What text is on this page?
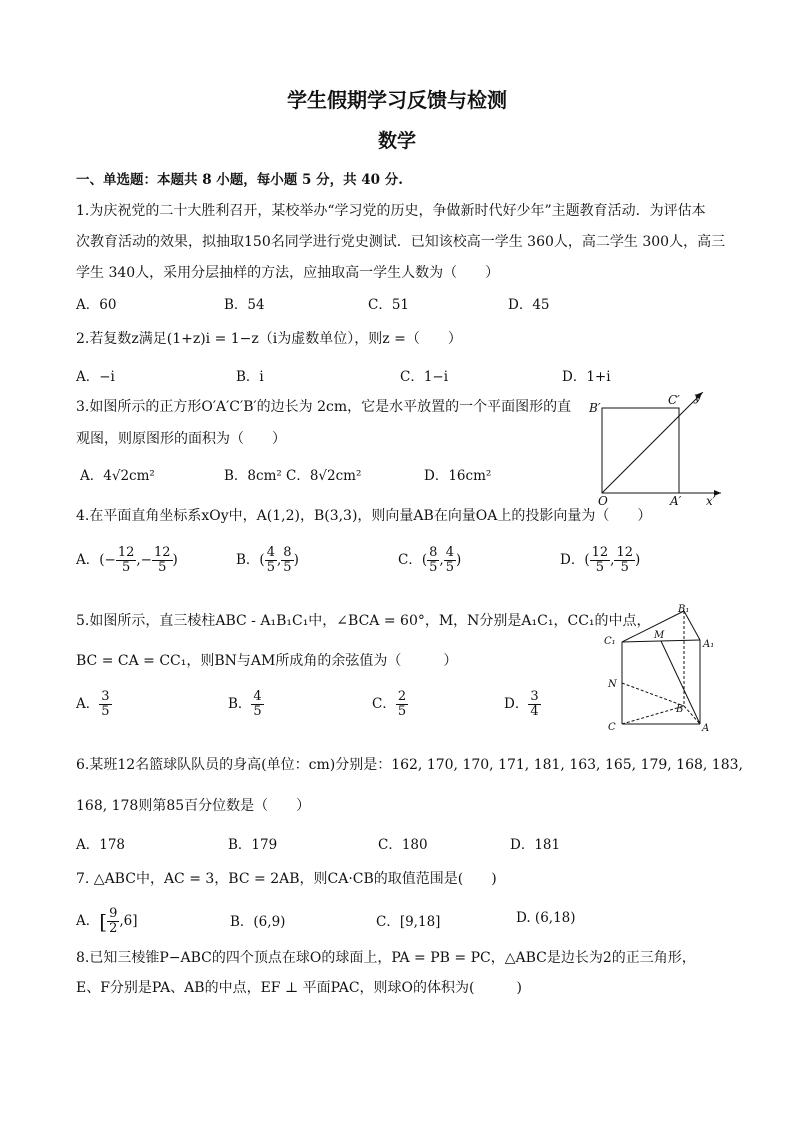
学生假期学习反馈与检测
数学
一、单选题：本题共 8 小题，每小题 5 分，共 40 分.
1.为庆祝党的二十大胜利召开，某校举办“学习党的历史，争做新时代好少年”主题教育活动．为评估本
次教育活动的效果，拟抽取150名同学进行党史测试．已知该校高一学生 360人，高二学生 300人，高三
学生 340人，采用分层抽样的方法，应抽取高一学生人数为（　　）
A．60	B．54	C．51	D．45
2.若复数z满足(1+z)i = 1−z（i为虚数单位），则z =（　　）
A．−i	B．i	C．1−i	D．1+i
3.如图所示的正方形O′A′C′B′的边长为 2cm，它是水平放置的一个平面图形的直
观图，则原图形的面积为（　　）
A．4√2cm²	B．8cm² C．8√2cm²	D．16cm²
B′
C′ y′
O	A′ x′
4.在平面直角坐标系xOy中，A(1,2)，B(3,3)，则向量AB在向量OA上的投影向量为（　　）
A．(− $\frac{12}{5}$ ,− $\frac{12}{5}$ )	B．( $\frac{4}{5}$ , $\frac{8}{5}$ )	C．( $\frac{8}{5}$ , $\frac{4}{5}$ )	D．( $\frac{12}{5}$ , $\frac{12}{5}$ )
5.如图所示，直三棱柱ABC - A₁B₁C₁中，∠BCA = 60°，M，N分别是A₁C₁，CC₁的中点，
BC = CA = CC₁，则BN与AM所成角的余弦值为（　　　）
A． $\frac{3}{5}$	B． $\frac{4}{5}$	C． $\frac{2}{5}$	D． $\frac{3}{4}$
B₁
C₁
M
A₁
N
B
C	A
6.某班12名篮球队队员的身高(单位：cm)分别是：162, 170, 170, 171, 181, 163, 165, 179, 168, 183,
168, 178则第85百分位数是（　　）
A．178	B．179	C．180	D．181
7. △ABC中，AC = 3，BC = 2AB，则CA·CB的取值范围是(　　)
A．[ $\frac{9}{2} ,6$]	B．(6,9)	C．[9,18]	D. (6,18)
8.已知三棱锥P−ABC的四个顶点在球O的球面上，PA = PB = PC，△ABC是边长为2的正三角形，
E、F分别是PA、AB的中点，EF ⊥ 平面PAC，则球O的体积为(　　　)
